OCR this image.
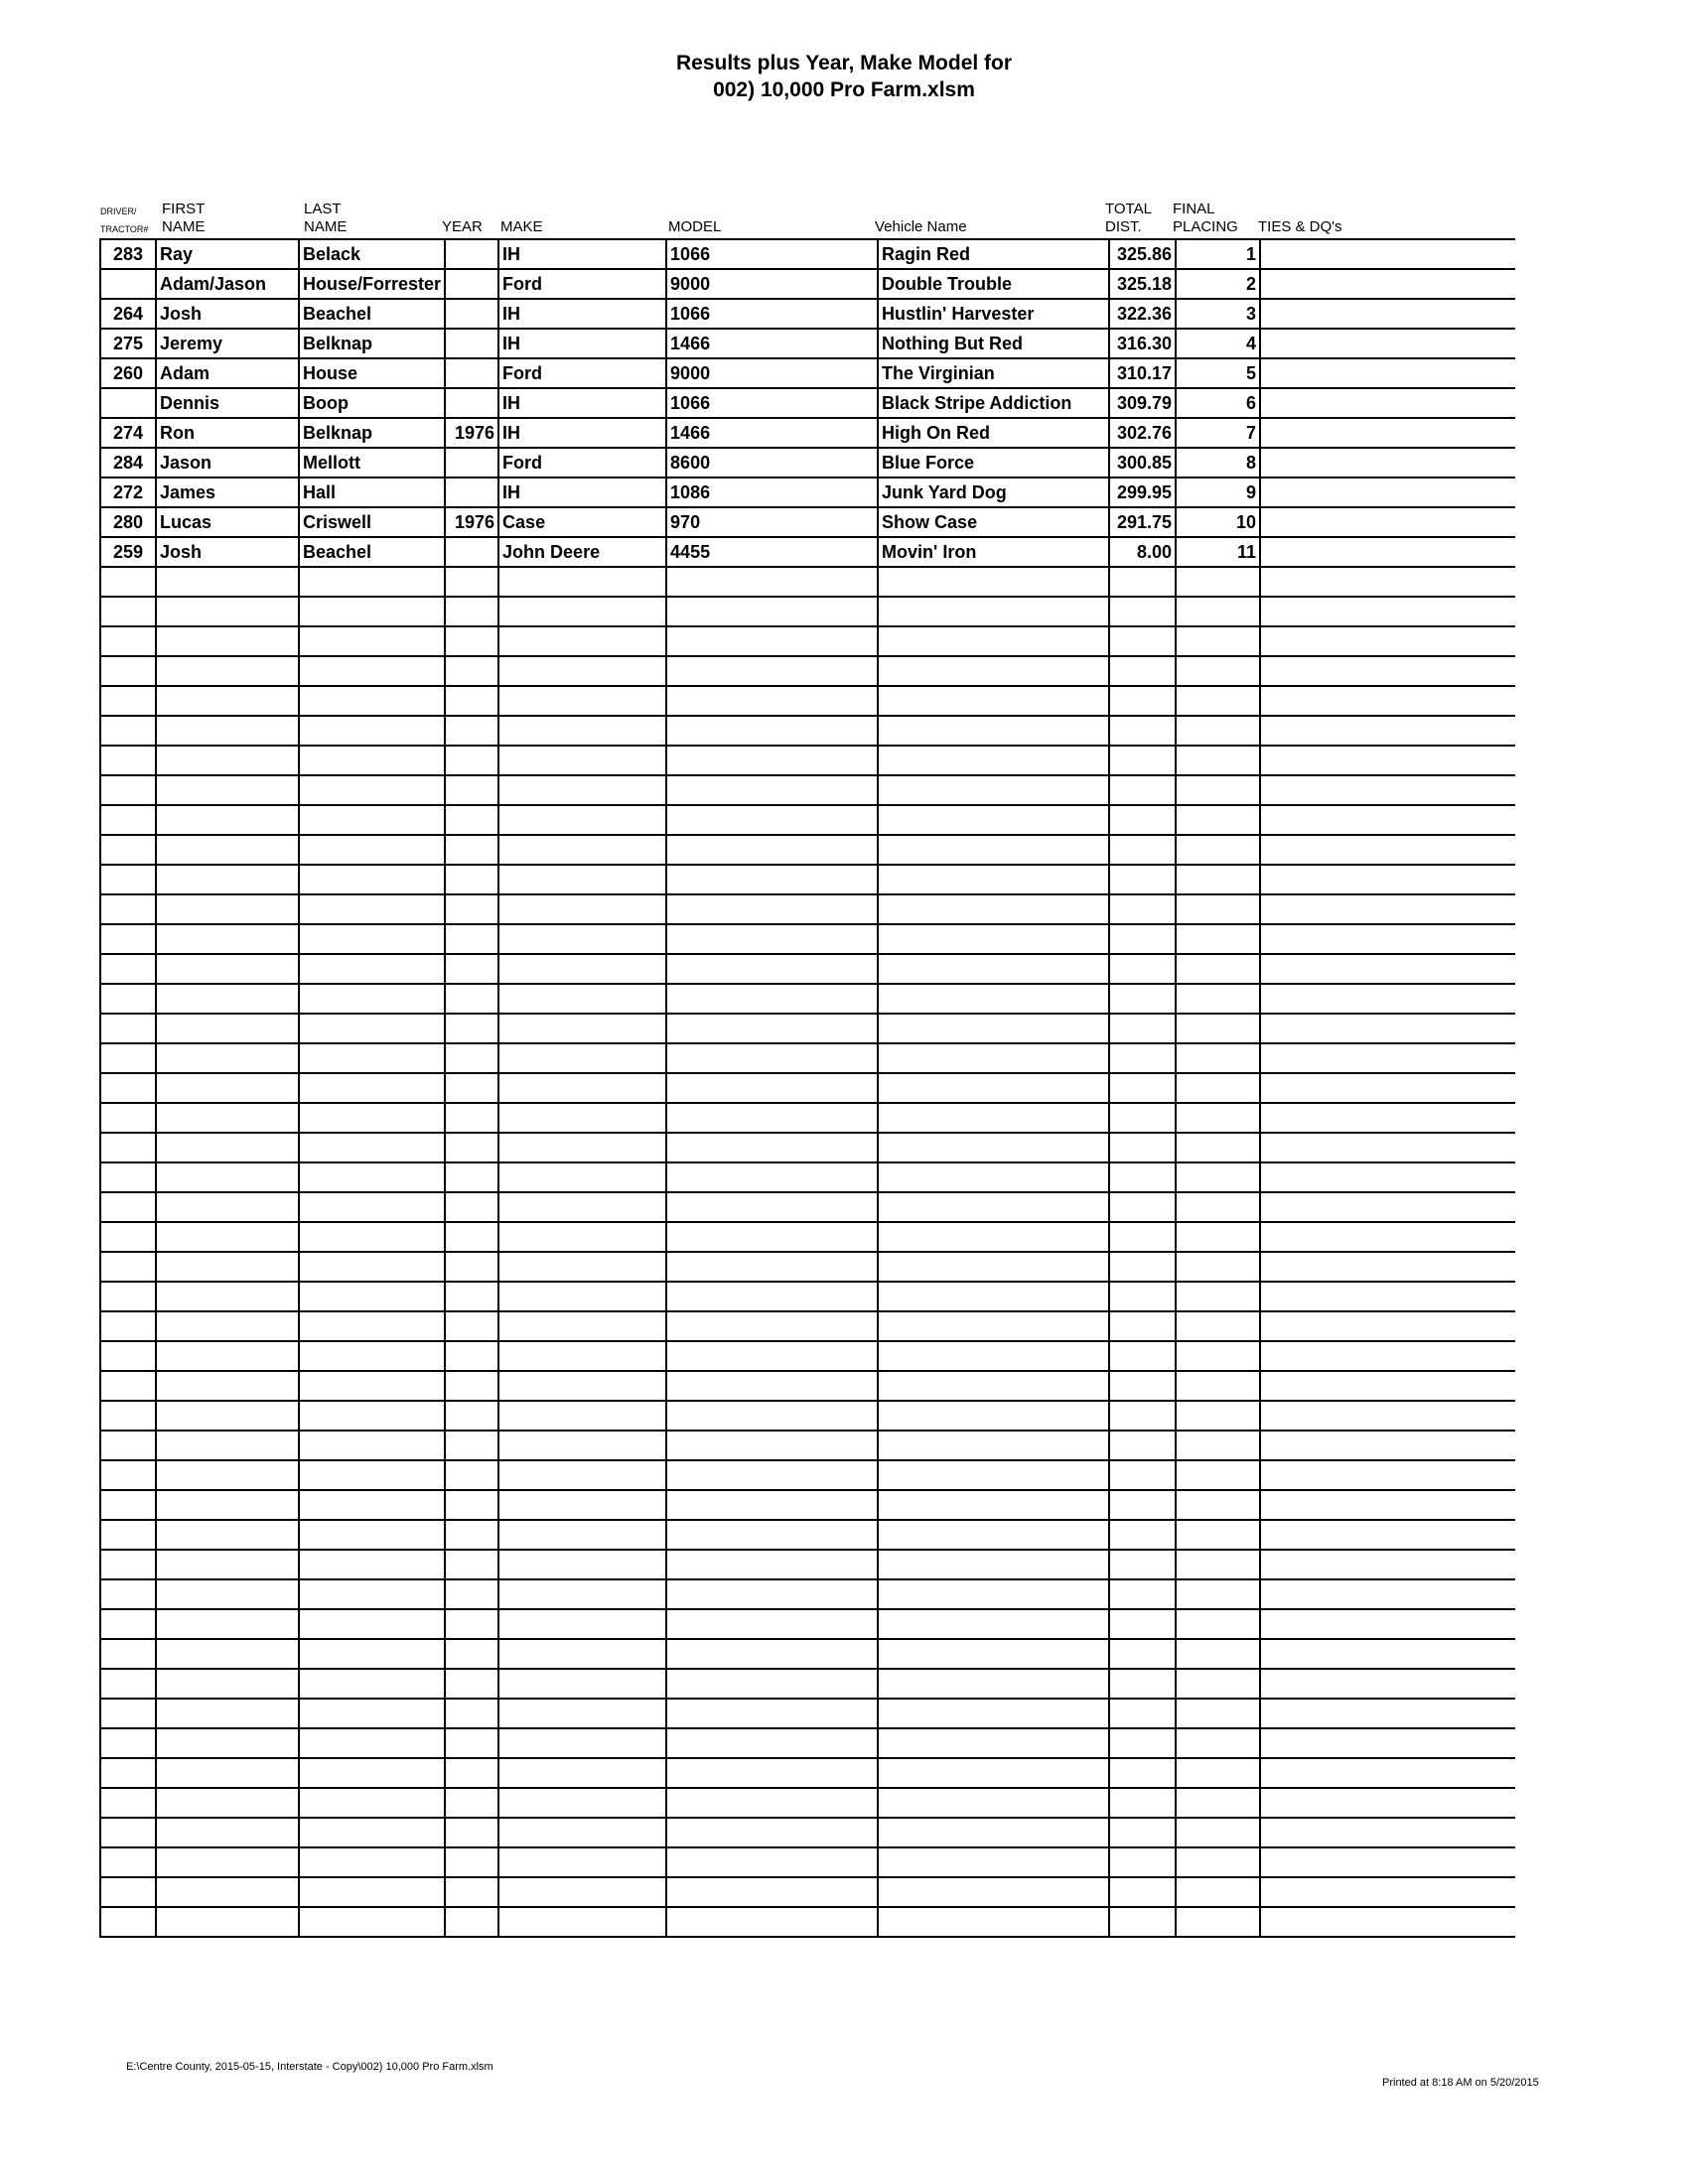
Results plus Year, Make Model for
002) 10,000 Pro Farm.xlsm
DRIVER/
TRACTOR#
FIRST
NAME
LAST
NAME	YEAR MAKE	MODEL	Vehicle Name
TOTAL
DIST.
FINAL
PLACING TIES & DQ's
283	Ray	Belack		IH	1066	Ragin Red	325.86	1	
	Adam/Jason	House/Forrester		Ford	9000	Double Trouble	325.18	2	
264	Josh	Beachel		IH	1066	Hustlin' Harvester	322.36	3	
275	Jeremy	Belknap		IH	1466	Nothing But Red	316.30	4	
260	Adam	House		Ford	9000	The Virginian	310.17	5	
	Dennis	Boop		IH	1066	Black Stripe Addiction	309.79	6	
274	Ron	Belknap	1976	IH	1466	High On Red	302.76	7	
284	Jason	Mellott		Ford	8600	Blue Force	300.85	8	
272	James	Hall		IH	1086	Junk Yard Dog	299.95	9	
280	Lucas	Criswell	1976	Case	970	Show Case	291.75	10	
259	Josh	Beachel		John Deere	4455	Movin' Iron	8.00	11	

E:\Centre County, 2015-05-15, Interstate - Copy\002) 10,000 Pro Farm.xlsm
Printed at 8:18 AM on 5/20/2015
